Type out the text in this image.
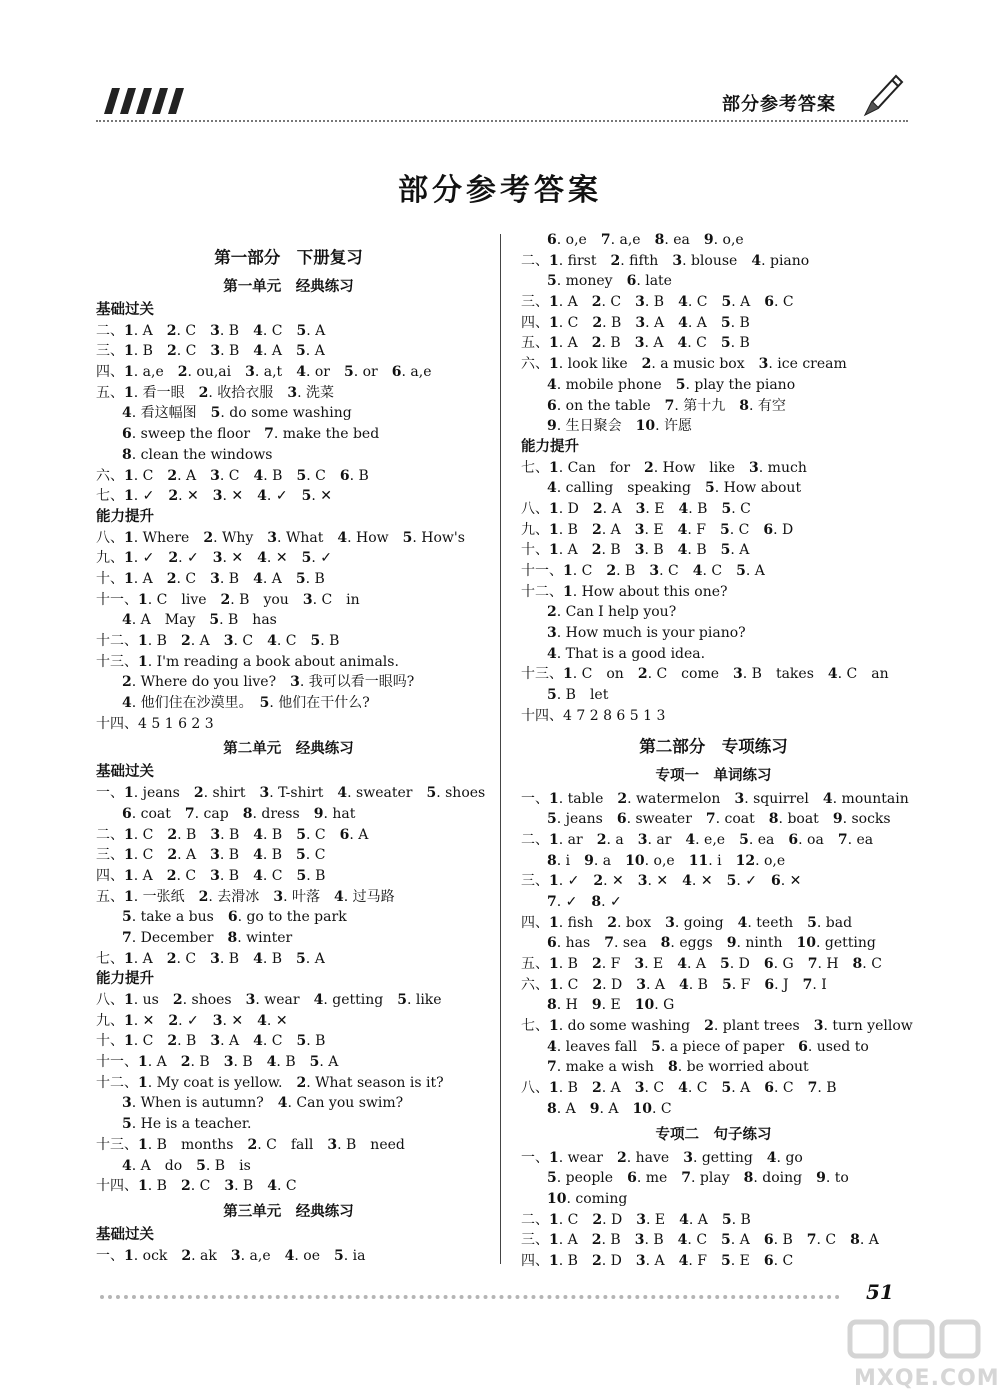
部分参考答案
部分参考答案
第一部分　下册复习
第一单元　经典练习
基础过关
二、1. A　2. C　3. B　4. C　5. A
三、1. B　2. C　3. B　4. A　5. A
四、1. a,e　2. ou,ai　3. a,t　4. or　5. or　6. a,e
五、1. 看一眼　2. 收拾衣服　3. 洗菜
4. 看这幅图　5. do some washing
6. sweep the floor　7. make the bed
8. clean the windows
六、1. C　2. A　3. C　4. B　5. C　6. B
七、1. ✓　2. ✕　3. ✕　4. ✓　5. ✕
能力提升
八、1. Where　2. Why　3. What　4. How　5. How's
九、1. ✓　2. ✓　3. ✕　4. ✕　5. ✓
十、1. A　2. C　3. B　4. A　5. B
十一、1. C　live　2. B　you　3. C　in
4. A　May　5. B　has
十二、1. B　2. A　3. C　4. C　5. B
十三、1. I'm reading a book about animals.
2. Where do you live?　3. 我可以看一眼吗?
4. 他们住在沙漠里。　5. 他们在干什么?
十四、4 5 1 6 2 3
第二单元　经典练习
基础过关
一、1. jeans　2. shirt　3. T-shirt　4. sweater　5. shoes
6. coat　7. cap　8. dress　9. hat
二、1. C　2. B　3. B　4. B　5. C　6. A
三、1. C　2. A　3. B　4. B　5. C
四、1. A　2. C　3. B　4. C　5. B
五、1. 一张纸　2. 去滑冰　3. 叶落　4. 过马路
5. take a bus　6. go to the park
7. December　8. winter
七、1. A　2. C　3. B　4. B　5. A
能力提升
八、1. us　2. shoes　3. wear　4. getting　5. like
九、1. ✕　2. ✓　3. ✕　4. ✕
十、1. C　2. B　3. A　4. C　5. B
十一、1. A　2. B　3. B　4. B　5. A
十二、1. My coat is yellow.　2. What season is it?
3. When is autumn?　4. Can you swim?
5. He is a teacher.
十三、1. B　months　2. C　fall　3. B　need
4. A　do　5. B　is
十四、1. B　2. C　3. B　4. C
第三单元　经典练习
基础过关
一、1. ock　2. ak　3. a,e　4. oe　5. ia
6. o,e　7. a,e　8. ea　9. o,e
二、1. first　2. fifth　3. blouse　4. piano
5. money　6. late
三、1. A　2. C　3. B　4. C　5. A　6. C
四、1. C　2. B　3. A　4. A　5. B
五、1. A　2. B　3. A　4. C　5. B
六、1. look like　2. a music box　3. ice cream
4. mobile phone　5. play the piano
6. on the table　7. 第十九　8. 有空
9. 生日聚会　10. 许愿
能力提升
七、1. Can　for　2. How　like　3. much
4. calling　speaking　5. How about
八、1. D　2. A　3. E　4. B　5. C
九、1. B　2. A　3. E　4. F　5. C　6. D
十、1. A　2. B　3. B　4. B　5. A
十一、1. C　2. B　3. C　4. C　5. A
十二、1. How about this one?
2. Can I help you?
3. How much is your piano?
4. That is a good idea.
十三、1. C　on　2. C　come　3. B　takes　4. C　an
5. B　let
十四、4 7 2 8 6 5 1 3
第二部分　专项练习
专项一　单词练习
一、1. table　2. watermelon　3. squirrel　4. mountain
5. jeans　6. sweater　7. coat　8. boat　9. socks
二、1. ar　2. a　3. ar　4. e,e　5. ea　6. oa　7. ea
8. i　9. a　10. o,e　11. i　12. o,e
三、1. ✓　2. ✕　3. ✕　4. ✕　5. ✓　6. ✕
7. ✓　8. ✓
四、1. fish　2. box　3. going　4. teeth　5. bad
6. has　7. sea　8. eggs　9. ninth　10. getting
五、1. B　2. F　3. E　4. A　5. D　6. G　7. H　8. C
六、1. C　2. D　3. A　4. B　5. F　6. J　7. I
8. H　9. E　10. G
七、1. do some washing　2. plant trees　3. turn yellow
4. leaves fall　5. a piece of paper　6. used to
7. make a wish　8. be worried about
八、1. B　2. A　3. C　4. C　5. A　6. C　7. B
8. A　9. A　10. C
专项二　句子练习
一、1. wear　2. have　3. getting　4. go
5. people　6. me　7. play　8. doing　9. to
10. coming
二、1. C　2. D　3. E　4. A　5. B
三、1. A　2. B　3. B　4. C　5. A　6. B　7. C　8. A
四、1. B　2. D　3. A　4. F　5. E　6. C
51
MXQE.COM
